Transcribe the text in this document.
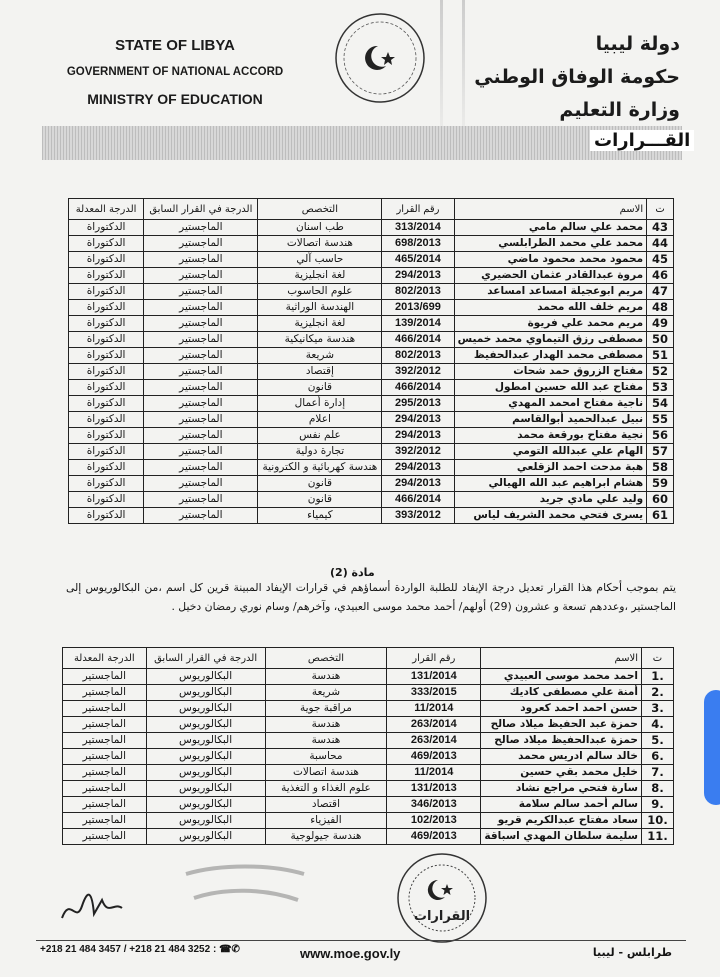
STATE OF LIBYA
GOVERNMENT OF NATIONAL ACCORD
MINISTRY OF EDUCATION
دولة ليبيا
حكومة الوفاق الوطني
وزارة التعليم
القـــرارات
ت	الاسم	رقم القرار	التخصص	الدرجة في القرار السابق	الدرجة المعدلة
43	محمد علي سالم مامي	313/2014	طب اسنان	الماجستير	الدكتوراة
44	محمد علي محمد الطرابلسي	698/2013	هندسة اتصالات	الماجستير	الدكتوراة
45	محمود محمد محمود ماضي	465/2014	حاسب آلي	الماجستير	الدكتوراة
46	مروة عبدالقادر عثمان الحضيري	294/2013	لغة انجليزية	الماجستير	الدكتوراة
47	مريم ابوعجيلة امساعد امساعد	802/2013	علوم الحاسوب	الماجستير	الدكتوراة
48	مريم خلف الله محمد	2013/699	الهندسة الوراثية	الماجستير	الدكتوراة
49	مريم محمد علي فريوة	139/2014	لغة انجليزية	الماجستير	الدكتوراة
50	مصطفى رزق التيماوي محمد خميس	466/2014	هندسة ميكانيكية	الماجستير	الدكتوراة
51	مصطفى محمد الهدار عبدالحفيظ	802/2013	شريعة	الماجستير	الدكتوراة
52	مفتاح الزروق حمد شحات	392/2012	إقتصاد	الماجستير	الدكتوراة
53	مفتاح عبد الله حسين امطول	466/2014	قانون	الماجستير	الدكتوراة
54	ناجية مفتاح امحمد المهدي	295/2013	إدارة أعمال	الماجستير	الدكتوراة
55	نبيل عبدالحميد أبوالقاسم	294/2013	اعلام	الماجستير	الدكتوراة
56	نجية مفتاح بورقعة محمد	294/2013	علم نفس	الماجستير	الدكتوراة
57	الهام علي عبدالله التومي	392/2012	تجارة دولية	الماجستير	الدكتوراة
58	هبة مدحت احمد الزقلعي	294/2013	هندسة كهربائية و الكترونية	الماجستير	الدكتوراة
59	هشام ابراهيم عبد الله الهيالي	294/2013	قانون	الماجستير	الدكتوراة
60	وليد علي مادي جريد	466/2014	قانون	الماجستير	الدكتوراة
61	يسرى فتحي محمد الشريف لياس	393/2012	كيمياء	الماجستير	الدكتوراة
مادة (2)
يتم بموجب أحكام هذا القرار تعديل درجة الإيفاد للطلبة الواردة أسماؤهم في قرارات الإيفاد المبينة قرين كل اسم ،من البكالوريوس إلى الماجستير ،وعددهم تسعة و عشرون (29) أولهم/ أحمد محمد موسى العبيدي، وآخرهم/ وسام نوري رمضان دخيل .
ت	الاسم	رقم القرار	التخصص	الدرجة في القرار السابق	الدرجة المعدلة
.1	احمد محمد موسى العبيدي	131/2014	هندسة	البكالوريوس	الماجستير
.2	أمنة علي مصطفى كاديك	333/2015	شريعة	البكالوريوس	الماجستير
.3	حسن احمد احمد كعرود	11/2014	مراقبة جوية	البكالوريوس	الماجستير
.4	حمزة عبد الحفيظ ميلاد صالح	263/2014	هندسة	البكالوريوس	الماجستير
.5	حمزة عبدالحفيظ ميلاد صالح	263/2014	هندسة	البكالوريوس	الماجستير
.6	خالد سالم ادريس محمد	469/2013	محاسبة	البكالوريوس	الماجستير
.7	خليل محمد بقي حسين	11/2014	هندسة اتصالات	البكالوريوس	الماجستير
.8	سارة فتحي مراجع نشاد	131/2013	علوم الغذاء و التغذية	البكالوريوس	الماجستير
.9	سالم أحمد سالم سلامة	346/2013	اقتصاد	البكالوريوس	الماجستير
.10	سعاد مفتاح عبدالكريم قريو	102/2013	الفيزياء	البكالوريوس	الماجستير
.11	سليمة سلطان المهدي اسباقة	469/2013	هندسة جيولوجية	البكالوريوس	الماجستير
القرارات
+218 21 484 3457 / +218 21 484 3252 : ☎✆	www.moe.gov.ly	طرابلس - ليبيا
